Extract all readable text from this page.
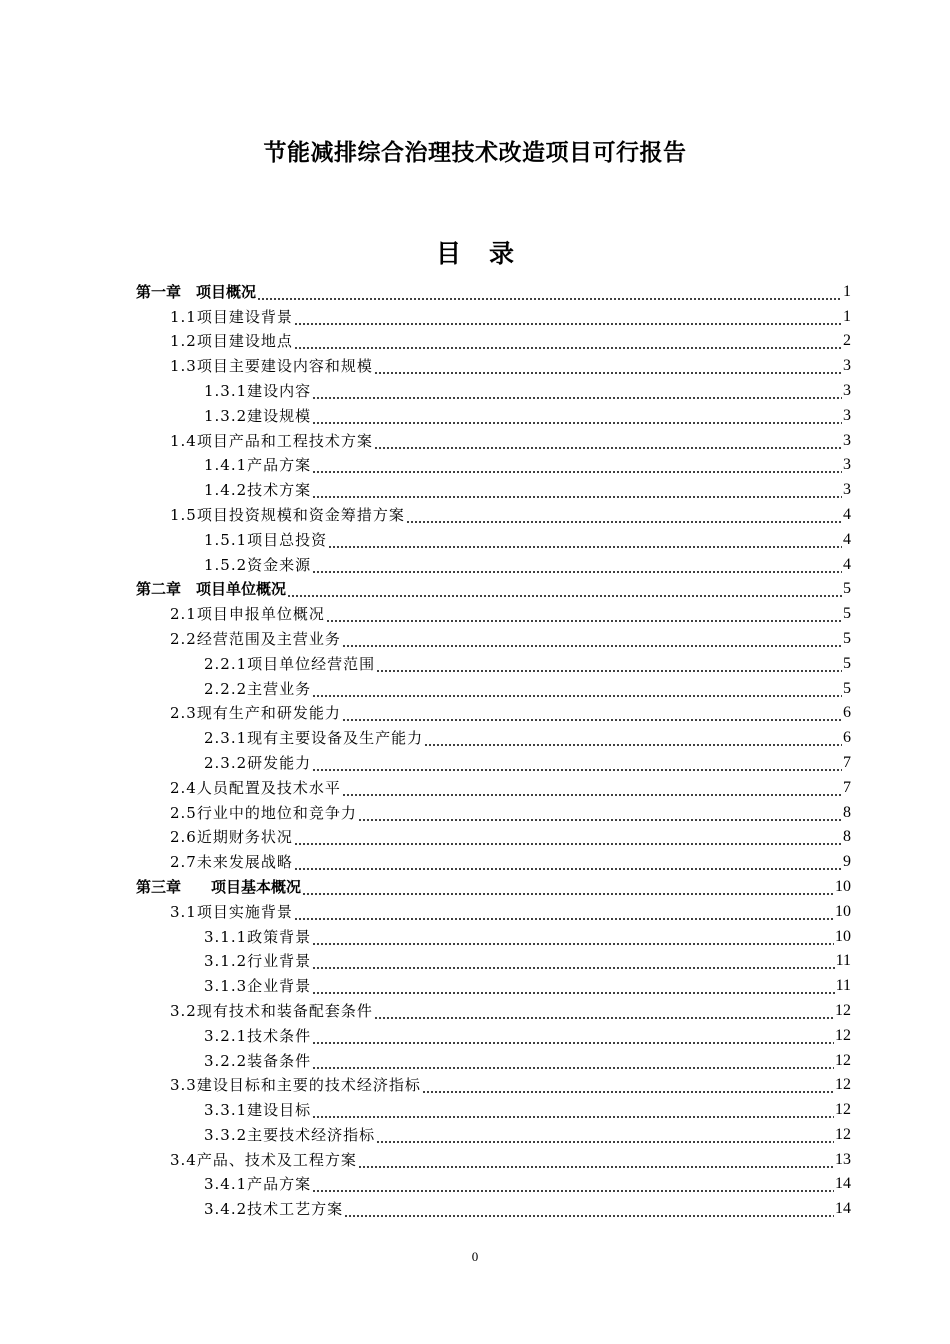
节能减排综合治理技术改造项目可行报告
目录
第一章　项目概况	1
1.1项目建设背景	1
1.2项目建设地点	2
1.3项目主要建设内容和规模	3
1.3.1建设内容	3
1.3.2建设规模	3
1.4项目产品和工程技术方案	3
1.4.1产品方案	3
1.4.2技术方案	3
1.5项目投资规模和资金筹措方案	4
1.5.1项目总投资	4
1.5.2资金来源	4
第二章　项目单位概况	5
2.1项目申报单位概况	5
2.2经营范围及主营业务	5
2.2.1项目单位经营范围	5
2.2.2主营业务	5
2.3现有生产和研发能力	6
2.3.1现有主要设备及生产能力	6
2.3.2研发能力	7
2.4人员配置及技术水平	7
2.5行业中的地位和竞争力	8
2.6近期财务状况	8
2.7未来发展战略	9
第三章　　项目基本概况	10
3.1项目实施背景	10
3.1.1政策背景	10
3.1.2行业背景	11
3.1.3企业背景	11
3.2现有技术和装备配套条件	12
3.2.1技术条件	12
3.2.2装备条件	12
3.3建设目标和主要的技术经济指标	12
3.3.1建设目标	12
3.3.2主要技术经济指标	12
3.4产品、技术及工程方案	13
3.4.1产品方案	14
3.4.2技术工艺方案	14
0
